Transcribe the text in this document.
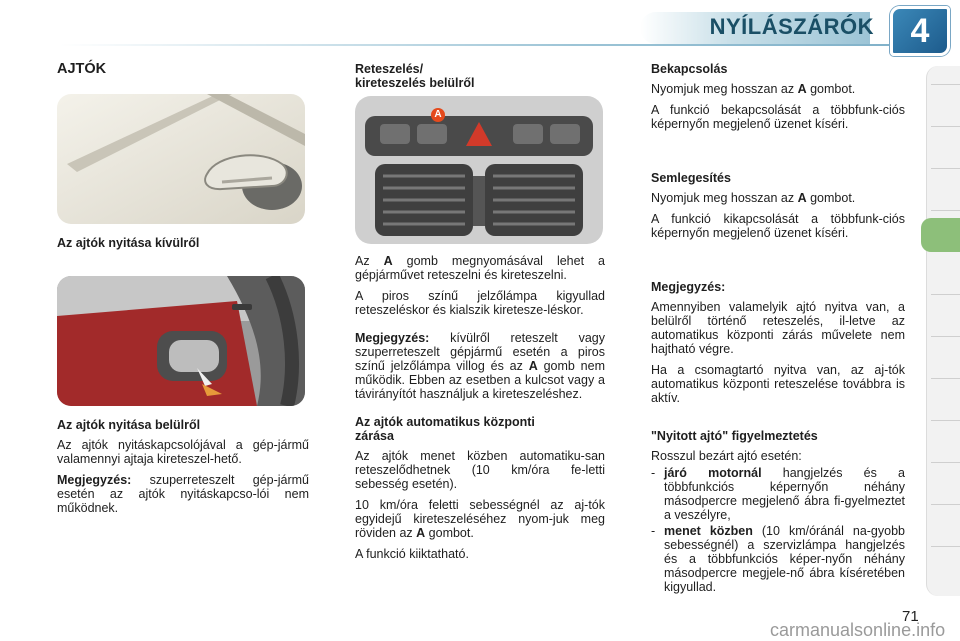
NYÍLÁSZÁRÓK	4
AJTÓK
Az ajtók nyitása kívülről
Az ajtók nyitása belülről

Az ajtók nyitáskapcsolójával a gép-jármű valamennyi ajtaja kireteszel-hető.

Megjegyzés: szuperreteszelt gép-jármű esetén az ajtók nyitáskapcso-lói nem működnek.

Reteszelés/
kireteszelés belülről
A

Az A gomb megnyomásával lehet a gépjárművet reteszelni és kireteszelni.

A piros színű jelzőlámpa kigyullad reteszeléskor és kialszik kiretesze-léskor.

Megjegyzés: kívülről reteszelt vagy szuperreteszelt gépjármű esetén a piros színű jelzőlámpa villog és az A gomb nem működik. Ebben az esetben a kulcsot vagy a távirányítót használjuk a kireteszeléshez.

Az ajtók automatikus központi
zárása

Az ajtók menet közben automatiku-san reteszelődhetnek (10 km/óra fe-letti sebesség esetén).

10 km/óra feletti sebességnél az aj-tók egyidejű kireteszeléséhez nyom-juk meg röviden az A gombot.

A funkció kiiktatható.

Bekapcsolás

Nyomjuk meg hosszan az A gombot.

A funkció bekapcsolását a többfunk-ciós képernyőn megjelenő üzenet kíséri.

Semlegesítés

Nyomjuk meg hosszan az A gombot.

A funkció kikapcsolását a többfunk-ciós képernyőn megjelenő üzenet kíséri.

Megjegyzés:

Amennyiben valamelyik ajtó nyitva van, a belülről történő reteszelés, il-letve az automatikus központi zárás művelete nem hajtható végre.

Ha a csomagtartó nyitva van, az aj-tók automatikus központi reteszelése továbbra is aktív.

"Nyitott ajtó" figyelmeztetés

Rosszul bezárt ajtó esetén:

- járó motornál hangjelzés és a többfunkciós képernyőn néhány másodpercre megjelenő ábra fi-gyelmeztet a veszélyre,
- menet közben (10 km/óránál na-gyobb sebességnél) a szervizlámpa hangjelzés és a többfunkciós képer-nyőn néhány másodpercre megjele-nő ábra kíséretében kigyullad.
71
carmanualsonline.info
